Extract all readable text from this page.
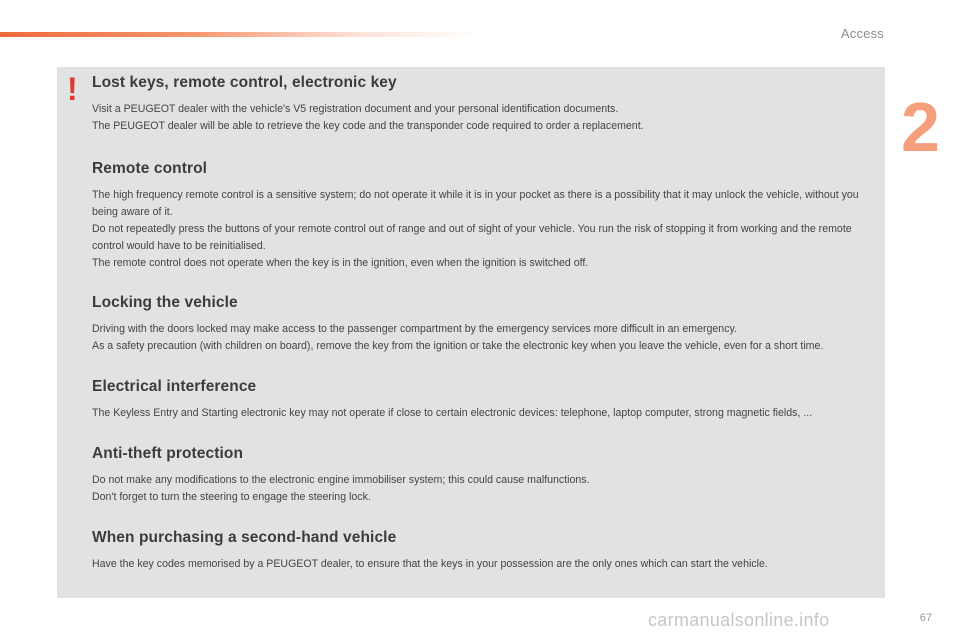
Access
2
! Lost keys, remote control, electronic key

Visit a PEUGEOT dealer with the vehicle's V5 registration document and your personal identification documents.

The PEUGEOT dealer will be able to retrieve the key code and the transponder code required to order a replacement.

Remote control

The high frequency remote control is a sensitive system; do not operate it while it is in your pocket as there is a possibility that it may unlock the vehicle, without you being aware of it.

Do not repeatedly press the buttons of your remote control out of range and out of sight of your vehicle. You run the risk of stopping it from working and the remote control would have to be reinitialised.

The remote control does not operate when the key is in the ignition, even when the ignition is switched off.

Locking the vehicle

Driving with the doors locked may make access to the passenger compartment by the emergency services more difficult in an emergency.

As a safety precaution (with children on board), remove the key from the ignition or take the electronic key when you leave the vehicle, even for a short time.

Electrical interference

The Keyless Entry and Starting electronic key may not operate if close to certain electronic devices: telephone, laptop computer, strong magnetic fields, ...

Anti-theft protection

Do not make any modifications to the electronic engine immobiliser system; this could cause malfunctions.

Don't forget to turn the steering to engage the steering lock.

When purchasing a second-hand vehicle

Have the key codes memorised by a PEUGEOT dealer, to ensure that the keys in your possession are the only ones which can start the vehicle.

carmanualsonline.info	67
